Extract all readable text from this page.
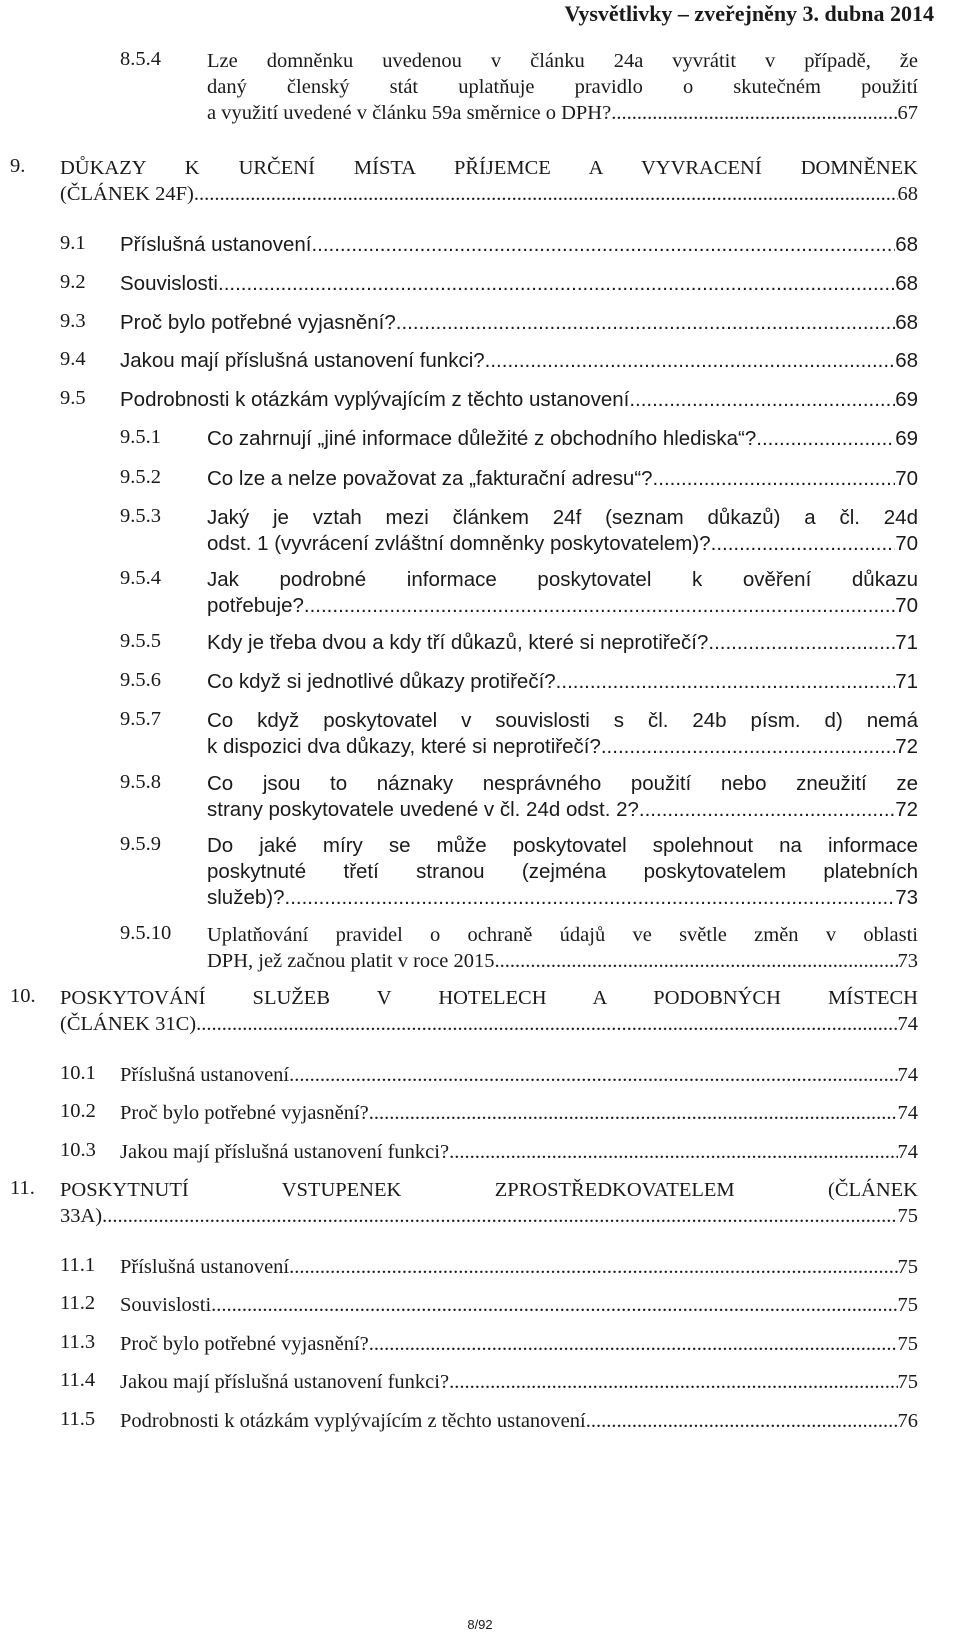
Vysvětlivky – zveřejněny 3. dubna 2014
8.5.4 Lze domněnku uvedenou v článku 24a vyvrátit v případě, že
daný členský stát uplatňuje pravidlo o skutečném použití
a využití uvedené v článku 59a směrnice o DPH? .....	67
9. DŮKAZY K URČENÍ MÍSTA PŘÍJEMCE A VYVRACENÍ DOMNĚNEK
(ČLÁNEK 24F) .....	68
9.1 Příslušná ustanovení .....	68
9.2 Souvislosti .....	68
9.3 Proč bylo potřebné vyjasnění? .....	68
9.4 Jakou mají příslušná ustanovení funkci? .....	68
9.5 Podrobnosti k otázkám vyplývajícím z těchto ustanovení .....	69
9.5.1 Co zahrnují „jiné informace důležité z obchodního hlediska“? .....	69
9.5.2 Co lze a nelze považovat za „fakturační adresu“? .....	70
9.5.3 Jaký je vztah mezi článkem 24f (seznam důkazů) a čl. 24d
odst. 1 (vyvrácení zvláštní domněnky poskytovatelem)? .....	70
9.5.4 Jak podrobné informace poskytovatel k ověření důkazu
potřebuje? .....	70
9.5.5 Kdy je třeba dvou a kdy tří důkazů, které si neprotiřečí? .....	71
9.5.6 Co když si jednotlivé důkazy protiřečí? .....	71
9.5.7 Co když poskytovatel v souvislosti s čl. 24b písm. d) nemá
k dispozici dva důkazy, které si neprotiřečí? .....	72
9.5.8 Co jsou to náznaky nesprávného použití nebo zneužití ze
strany poskytovatele uvedené v čl. 24d odst. 2? .....	72
9.5.9 Do jaké míry se může poskytovatel spolehnout na informace
poskytnuté třetí stranou (zejména poskytovatelem platebních
služeb)? .....	73
9.5.10 Uplatňování pravidel o ochraně údajů ve světle změn v oblasti
DPH, jež začnou platit v roce 2015 .....	73
10. POSKYTOVÁNÍ SLUŽEB V HOTELECH A PODOBNÝCH MÍSTECH
(ČLÁNEK 31C) .....	74
10.1 Příslušná ustanovení .....	74
10.2 Proč bylo potřebné vyjasnění? .....	74
10.3 Jakou mají příslušná ustanovení funkci? .....	74
11. POSKYTNUTÍ VSTUPENEK ZPROSTŘEDKOVATELEM (ČLÁNEK
33A) .....	75
11.1 Příslušná ustanovení .....	75
11.2 Souvislosti .....	75
11.3 Proč bylo potřebné vyjasnění? .....	75
11.4 Jakou mají příslušná ustanovení funkci? .....	75
11.5 Podrobnosti k otázkám vyplývajícím z těchto ustanovení .....	76
8/92
